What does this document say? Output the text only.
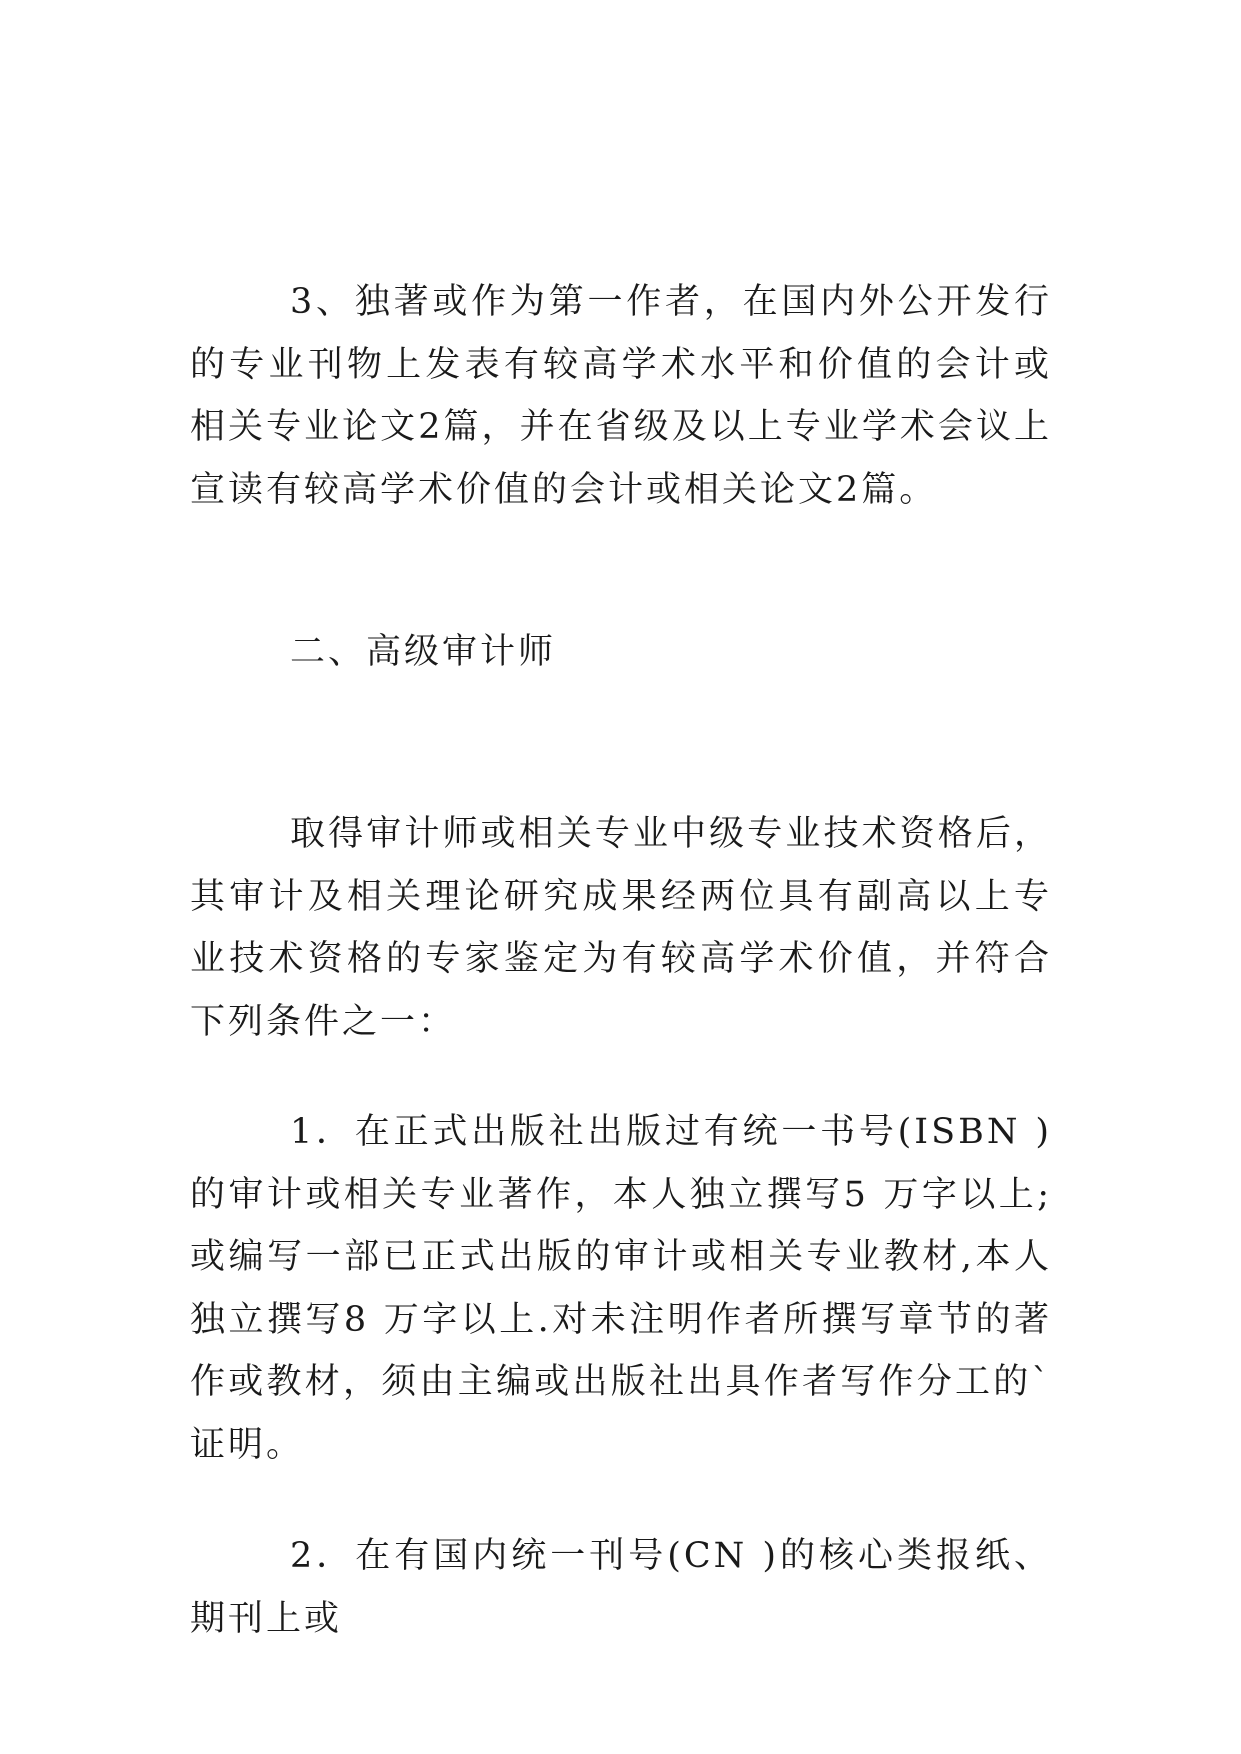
3、独著或作为第一作者，在国内外公开发行的专业刊物上发表有较高学术水平和价值的会计或相关专业论文2篇，并在省级及以上专业学术会议上宣读有较高学术价值的会计或相关论文2篇。

二、高级审计师

取得审计师或相关专业中级专业技术资格后，其审计及相关理论研究成果经两位具有副高以上专业技术资格的专家鉴定为有较高学术价值，并符合下列条件之一：

1．在正式出版社出版过有统一书号(ISBN )的审计或相关专业著作，本人独立撰写5 万字以上;或编写一部已正式出版的审计或相关专业教材,本人独立撰写8 万字以上.对未注明作者所撰写章节的著作或教材，须由主编或出版社出具作者写作分工的`证明。

2．在有国内统一刊号(CN )的核心类报纸、期刊上或
